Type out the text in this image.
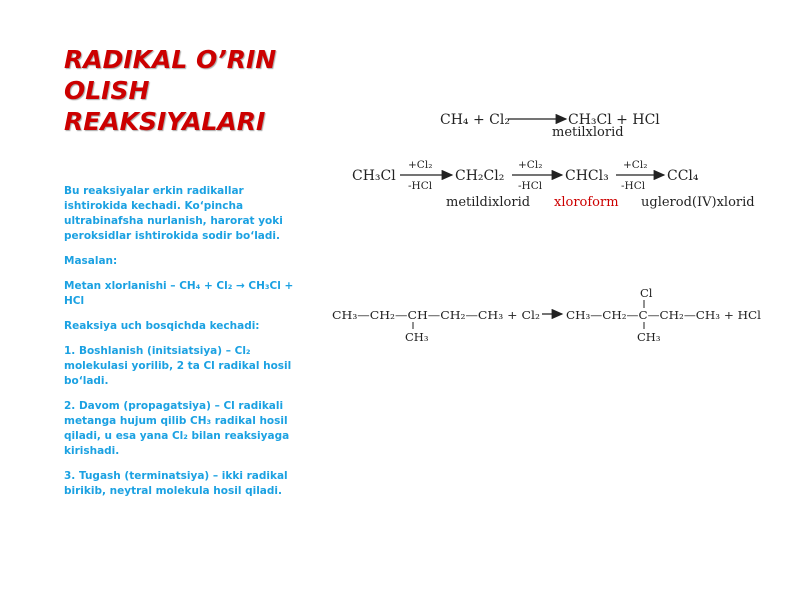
RADIKAL O’RIN
OLISH
REAKSIYALARI

Bu reaksiyalar erkin radikallar ishtirokida kechadi. Ko‘pincha ultrabinafsha nurlanish, harorat yoki peroksidlar ishtirokida sodir bo‘ladi.

Masalan:

Metan xlorlanishi – CH₄ + Cl₂ → CH₃Cl + HCl

Reaksiya uch bosqichda kechadi:

1. Boshlanish (initsiatsiya) – Cl₂ molekulasi yorilib, 2 ta Cl radikal hosil bo‘ladi.

2. Davom (propagatsiya) – Cl radikali metanga hujum qilib CH₃ radikal hosil qiladi, u esa yana Cl₂ bilan reaksiyaga kirishadi.

3. Tugash (terminatsiya) – ikki radikal birikib, neytral molekula hosil qiladi.

CH₄ + Cl₂	CH₃Cl + HCl
metilxlorid
CH₃Cl
+Cl₂
-HCl
CH₂Cl₂
+Cl₂
-HCl
CHCl₃
+Cl₂
-HCl
CCl₄
metildixlorid xloroform uglerod(IV)xlorid
CH₃—CH₂—CH—CH₂—CH₃ + Cl₂
CH₃
Cl
CH₃—CH₂—C—CH₂—CH₃ + HCl
CH₃
